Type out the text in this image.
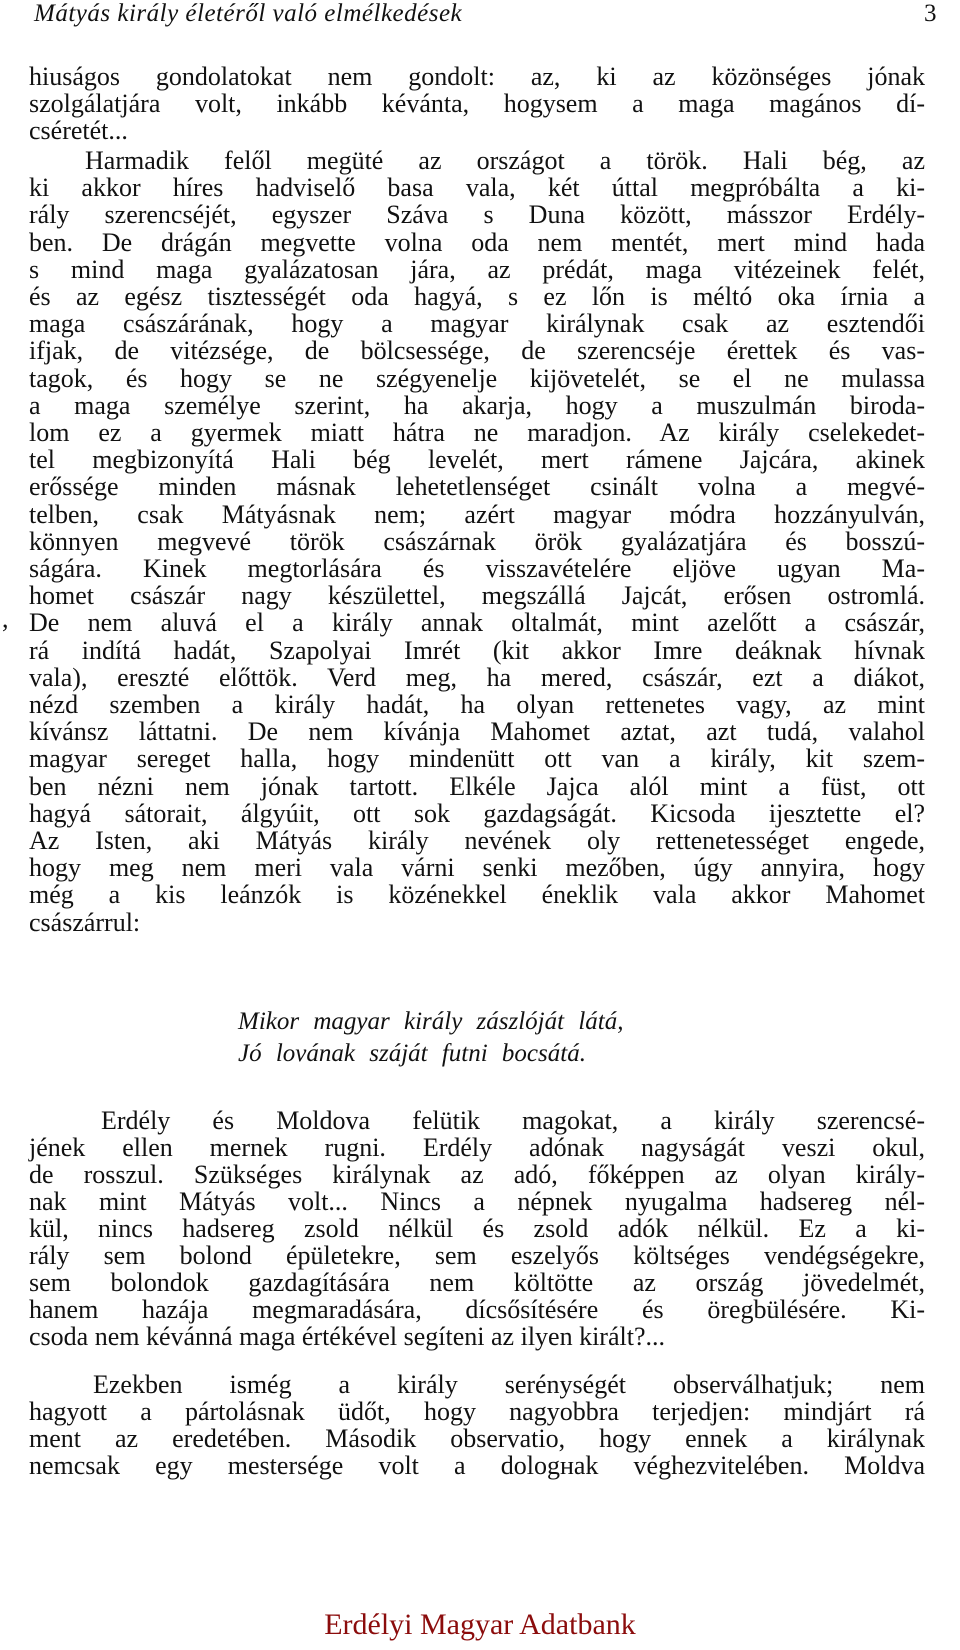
Mátyás király életéről való elmélkedések	3
,
hiuságos gondolatokat nem gondolt: az, ki az közönséges jónak
szolgálatjára volt, inkább kévánta, hogysem a maga magános dí-
cséretét...
Harmadik felől megüté az országot a török. Hali bég, az
ki akkor híres hadviselő basa vala, két úttal megpróbálta a ki-
rály szerencséjét, egyszer Száva s Duna között, másszor Erdély-
ben. De drágán megvette volna oda nem mentét, mert mind hada
s mind maga gyalázatosan jára, az prédát, maga vitézeinek felét,
és az egész tisztességét oda hagyá, s ez lőn is méltó oka írnia a
maga császárának, hogy a magyar királynak csak az esztendői
ifjak, de vitézsége, de bölcsessége, de szerencséje érettek és vas-
tagok, és hogy se ne szégyenelje kijövetelét, se el ne mulassa
a maga személye szerint, ha akarja, hogy a muszulmán biroda-
lom ez a gyermek miatt hátra ne maradjon. Az király cselekedet-
tel megbizonyítá Hali bég levelét, mert rámene Jajcára, akinek
erőssége minden másnak lehetetlenséget csinált volna a megvé-
telben, csak Mátyásnak nem; azért magyar módra hozzányulván,
könnyen megvevé török császárnak örök gyalázatjára és bosszú-
ságára. Kinek megtorlására és visszavételére eljöve ugyan Ma-
homet császár nagy készülettel, megszállá Jajcát, erősen ostromlá.
De nem aluvá el a király annak oltalmát, mint azelőtt a császár,
rá indítá hadát, Szapolyai Imrét (kit akkor Imre deáknak hívnak
vala), ereszté előttök. Verd meg, ha mered, császár, ezt a diákot,
nézd szemben a király hadát, ha olyan rettenetes vagy, az mint
kívánsz láttatni. De nem kívánja Mahomet aztat, azt tudá, valahol
magyar sereget halla, hogy mindenütt ott van a király, kit szem-
ben nézni nem jónak tartott. Elkéle Jajca alól mint a füst, ott
hagyá sátorait, álgyúit, ott sok gazdagságát. Kicsoda ijesztette el?
Az Isten, aki Mátyás király nevének oly rettenetességet engede,
hogy meg nem meri vala várni senki mezőben, úgy annyira, hogy
még a kis leánzók is közénekkel éneklik vala akkor Mahomet
császárrul:
Erdély és Moldova felütik magokat, a király szerencsé-
jének ellen mernek rugni. Erdély adónak nagyságát veszi okul,
de rosszul. Szükséges királynak az adó, főképpen az olyan király-
nak mint Mátyás volt... Nincs a népnek nyugalma hadsereg nél-
kül, nincs hadsereg zsold nélkül és zsold adók nélkül. Ez a ki-
rály sem bolond épületekre, sem eszelyős költséges vendégségekre,
sem bolondok gazdagítására nem költötte az ország jövedelmét,
hanem hazája megmaradására, dícsősítésére és öregbülésére. Ki-
csoda nem kévánná maga értékével segíteni az ilyen királt?...
Ezekben ismég a király serénységét observálhatjuk; nem
hagyott a pártolásnak üdőt, hogy nagyobbra terjedjen: mindjárt rá
ment az eredetében. Második observatio, hogy ennek a királynak
nemcsak egy mestersége volt a dologнak véghezvitelében. Moldva
Mikor magyar király zászlóját látá,
Jó lovának száját futni bocsátá.
Erdélyi Magyar Adatbank
